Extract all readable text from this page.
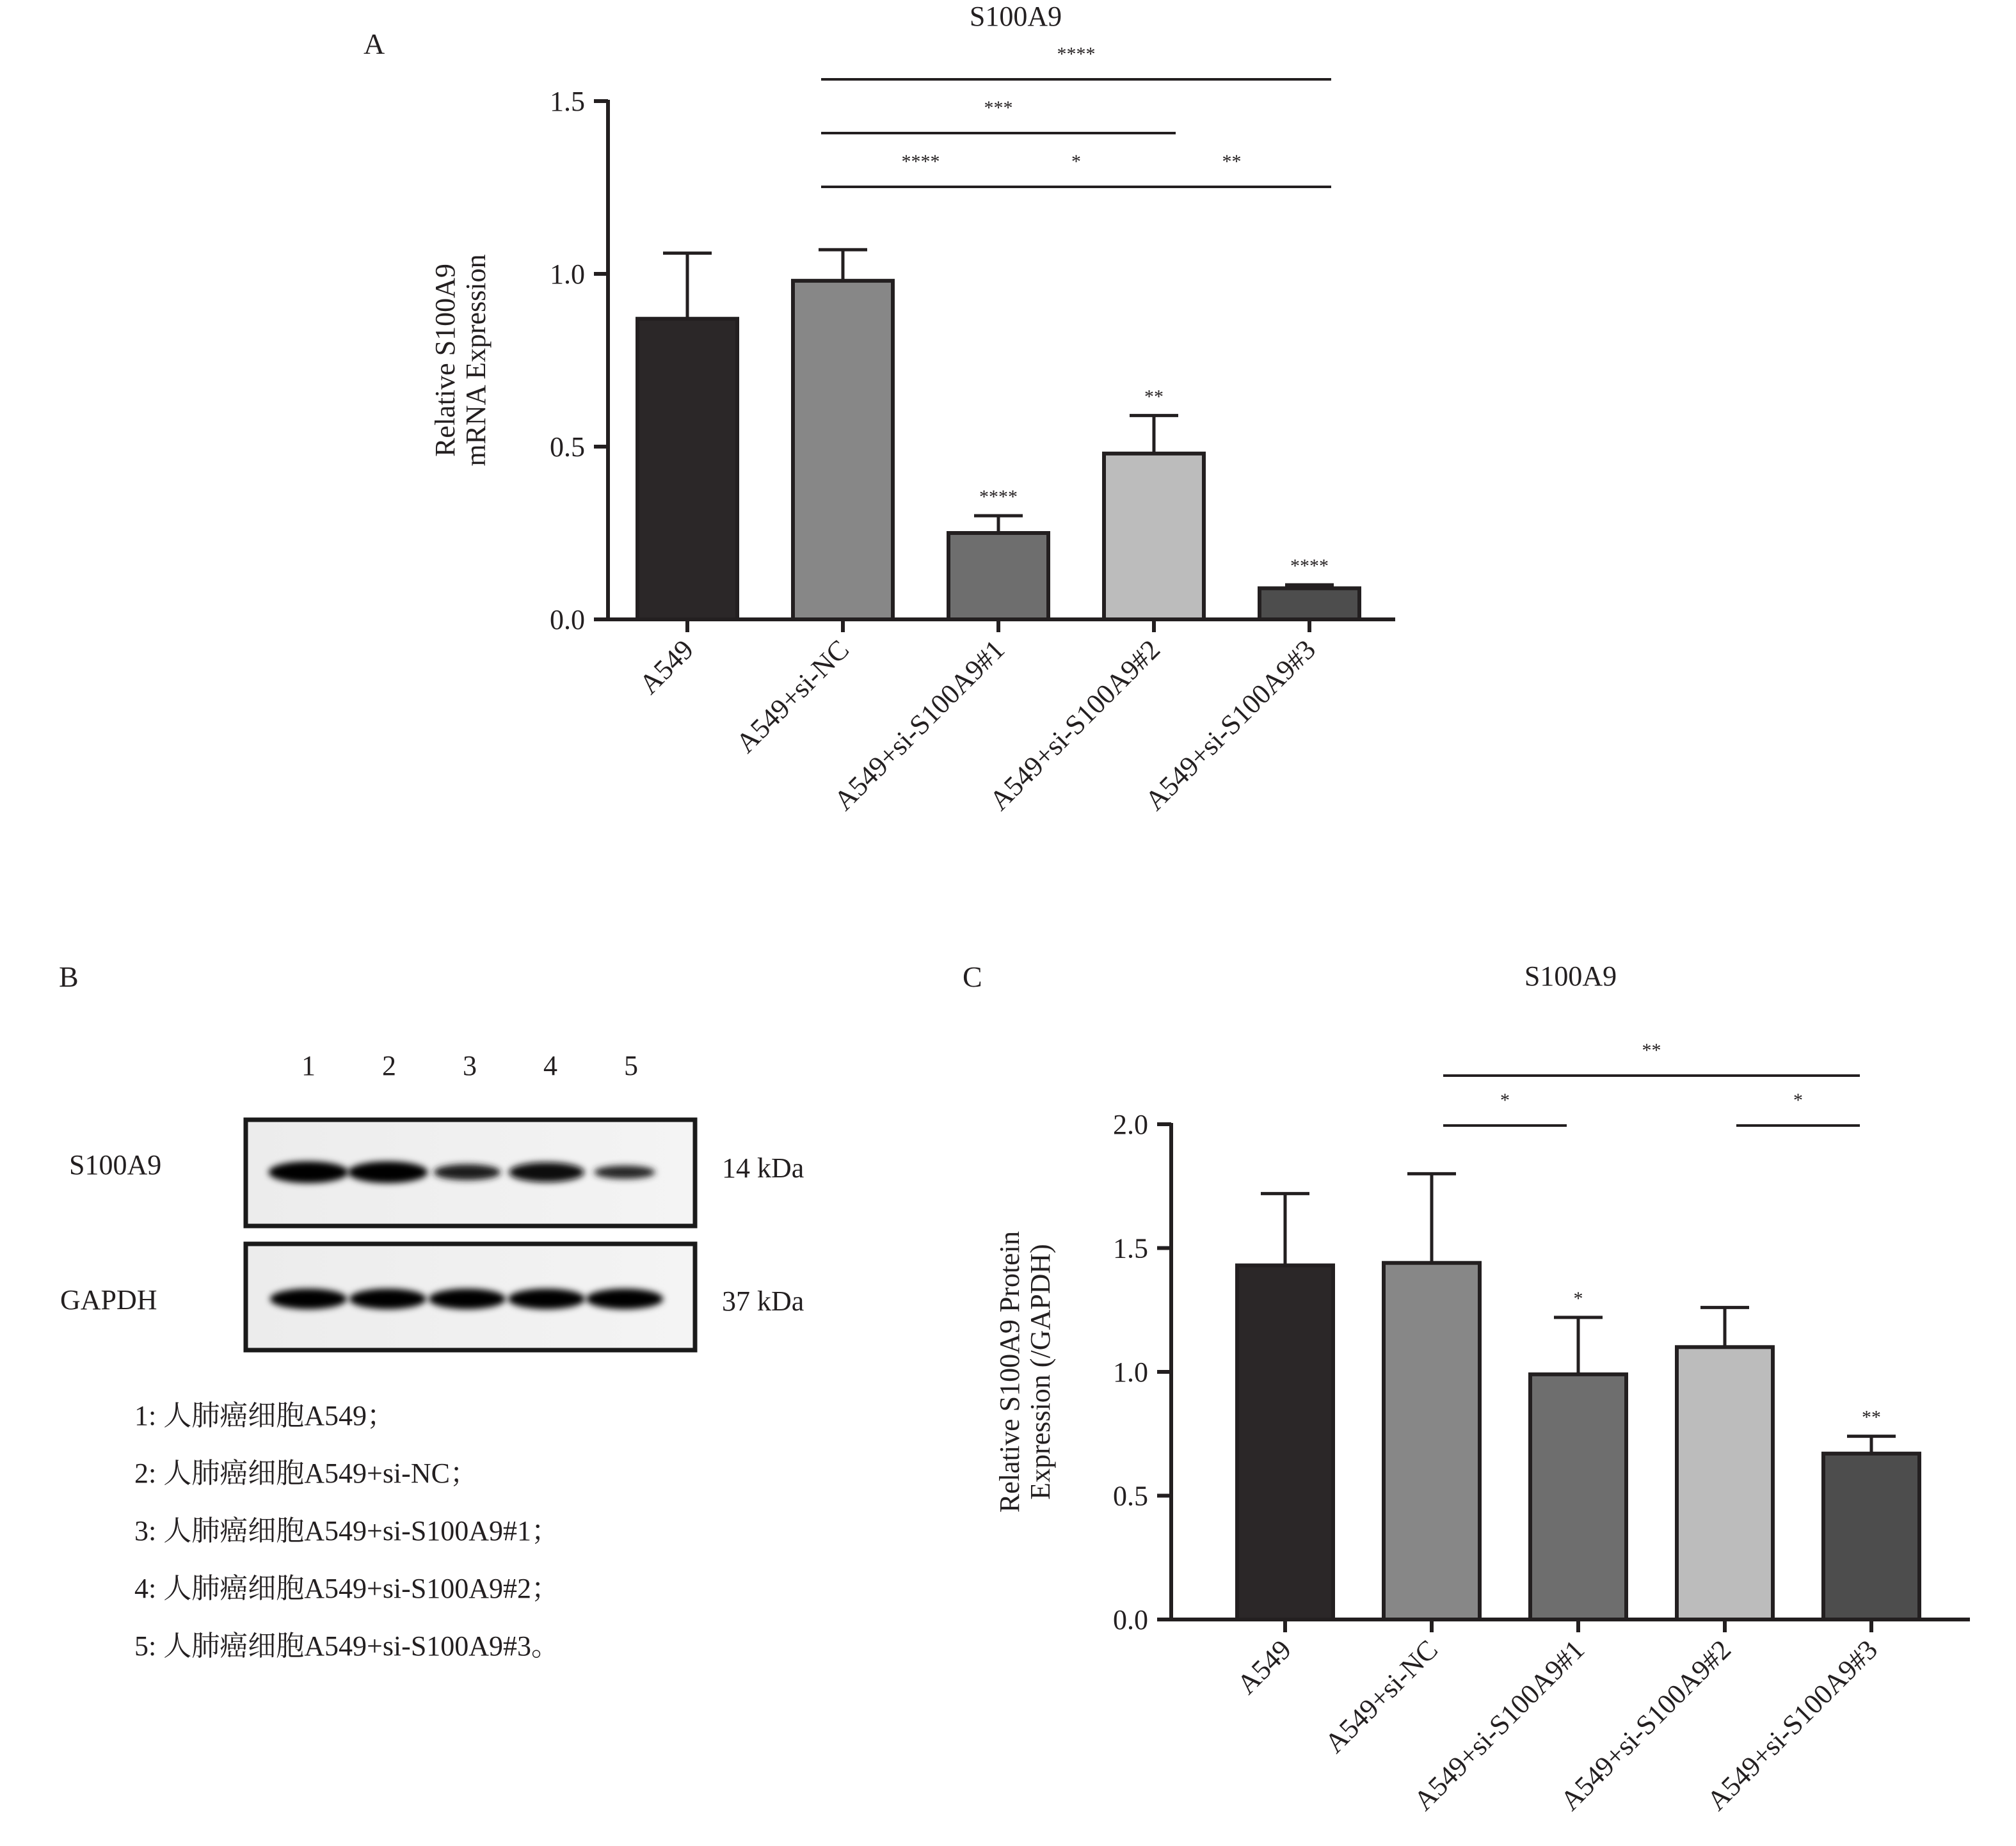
A
B	C
S100A9
0.0
0.5
1.0
1.5
Relative S100A9 mRNA Expression
A549 A549+si-NC
****
A549+si-S100A9#1
**
A549+si-S100A9#2
****
A549+si-S100A9#3
****
***
****	*	**
S100A9
0.0
0.5
1.0
1.5
2.0
Relative S100A9 Protein Expression (/GAPDH)
A549 A549+si-NC
*
A549+si-S100A9#1
A549+si-S100A9#2
**
A549+si-S100A9#3
**
*	*
1	2	3	4	5
S100A9
GAPDH
14 kDa
37 kDa
1: 人肺癌细胞A549；
2: 人肺癌细胞A549+si-NC；
3: 人肺癌细胞A549+si-S100A9#1；
4: 人肺癌细胞A549+si-S100A9#2；
5: 人肺癌细胞A549+si-S100A9#3。
